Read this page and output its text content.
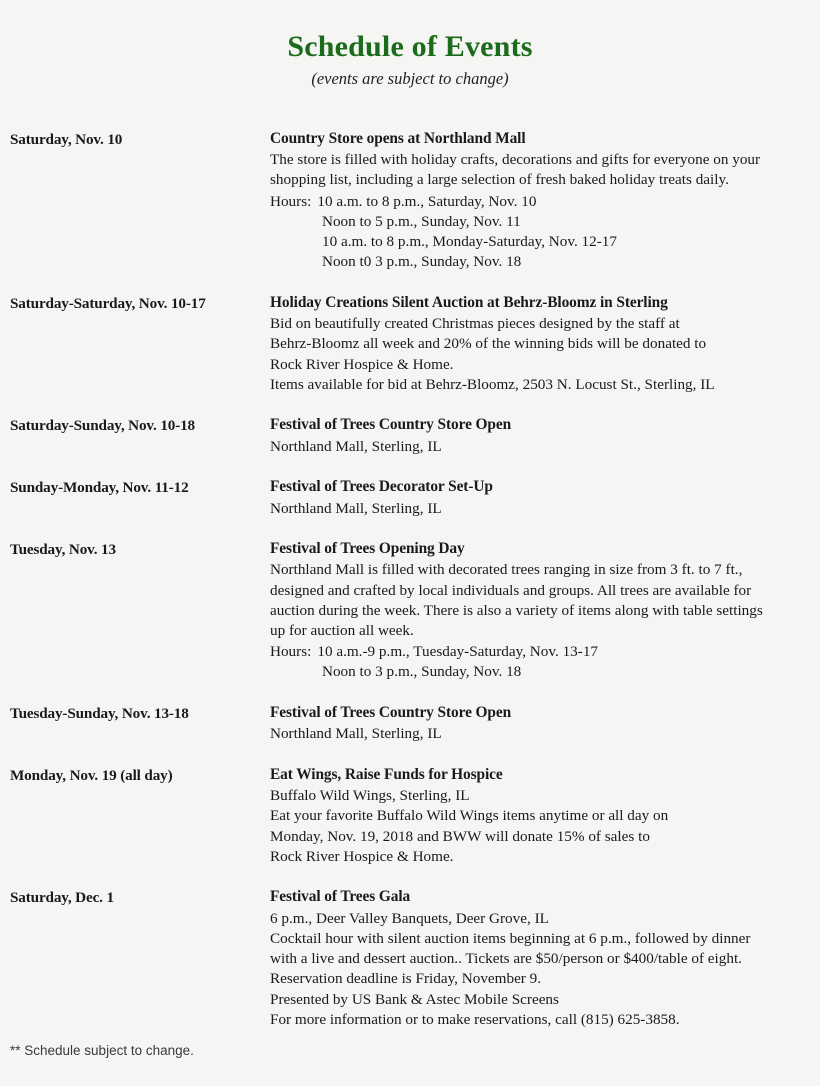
Schedule of Events

(events are subject to change)

Saturday, Nov. 10	Country Store opens at Northland Mall
The store is filled with holiday crafts, decorations and gifts for everyone on your
shopping list, including a large selection of fresh baked holiday treats daily.
Hours: 10 a.m. to 8 p.m., Saturday, Nov. 10
Noon to 5 p.m., Sunday, Nov. 11
10 a.m. to 8 p.m., Monday-Saturday, Nov. 12-17
Noon t0 3 p.m., Sunday, Nov. 18
Saturday-Saturday, Nov. 10-17	Holiday Creations Silent Auction at Behrz-Bloomz in Sterling
Bid on beautifully created Christmas pieces designed by the staff at
Behrz-Bloomz all week and 20% of the winning bids will be donated to
Rock River Hospice & Home.
Items available for bid at Behrz-Bloomz, 2503 N. Locust St., Sterling, IL
Saturday-Sunday, Nov. 10-18	Festival of Trees Country Store Open
Northland Mall, Sterling, IL
Sunday-Monday, Nov. 11-12	Festival of Trees Decorator Set-Up
Northland Mall, Sterling, IL
Tuesday, Nov. 13	Festival of Trees Opening Day
Northland Mall is filled with decorated trees ranging in size from 3 ft. to 7 ft.,
designed and crafted by local individuals and groups. All trees are available for
auction during the week. There is also a variety of items along with table settings
up for auction all week.
Hours: 10 a.m.-9 p.m., Tuesday-Saturday, Nov. 13-17
Noon to 3 p.m., Sunday, Nov. 18
Tuesday-Sunday, Nov. 13-18	Festival of Trees Country Store Open
Northland Mall, Sterling, IL
Monday, Nov. 19 (all day)	Eat Wings, Raise Funds for Hospice
Buffalo Wild Wings, Sterling, IL
Eat your favorite Buffalo Wild Wings items anytime or all day on
Monday, Nov. 19, 2018 and BWW will donate 15% of sales to
Rock River Hospice & Home.
Saturday, Dec. 1	Festival of Trees Gala
6 p.m., Deer Valley Banquets, Deer Grove, IL
Cocktail hour with silent auction items beginning at 6 p.m., followed by dinner
with a live and dessert auction.. Tickets are $50/person or $400/table of eight.
Reservation deadline is Friday, November 9.
Presented by US Bank & Astec Mobile Screens
For more information or to make reservations, call (815) 625-3858.
** Schedule subject to change.
